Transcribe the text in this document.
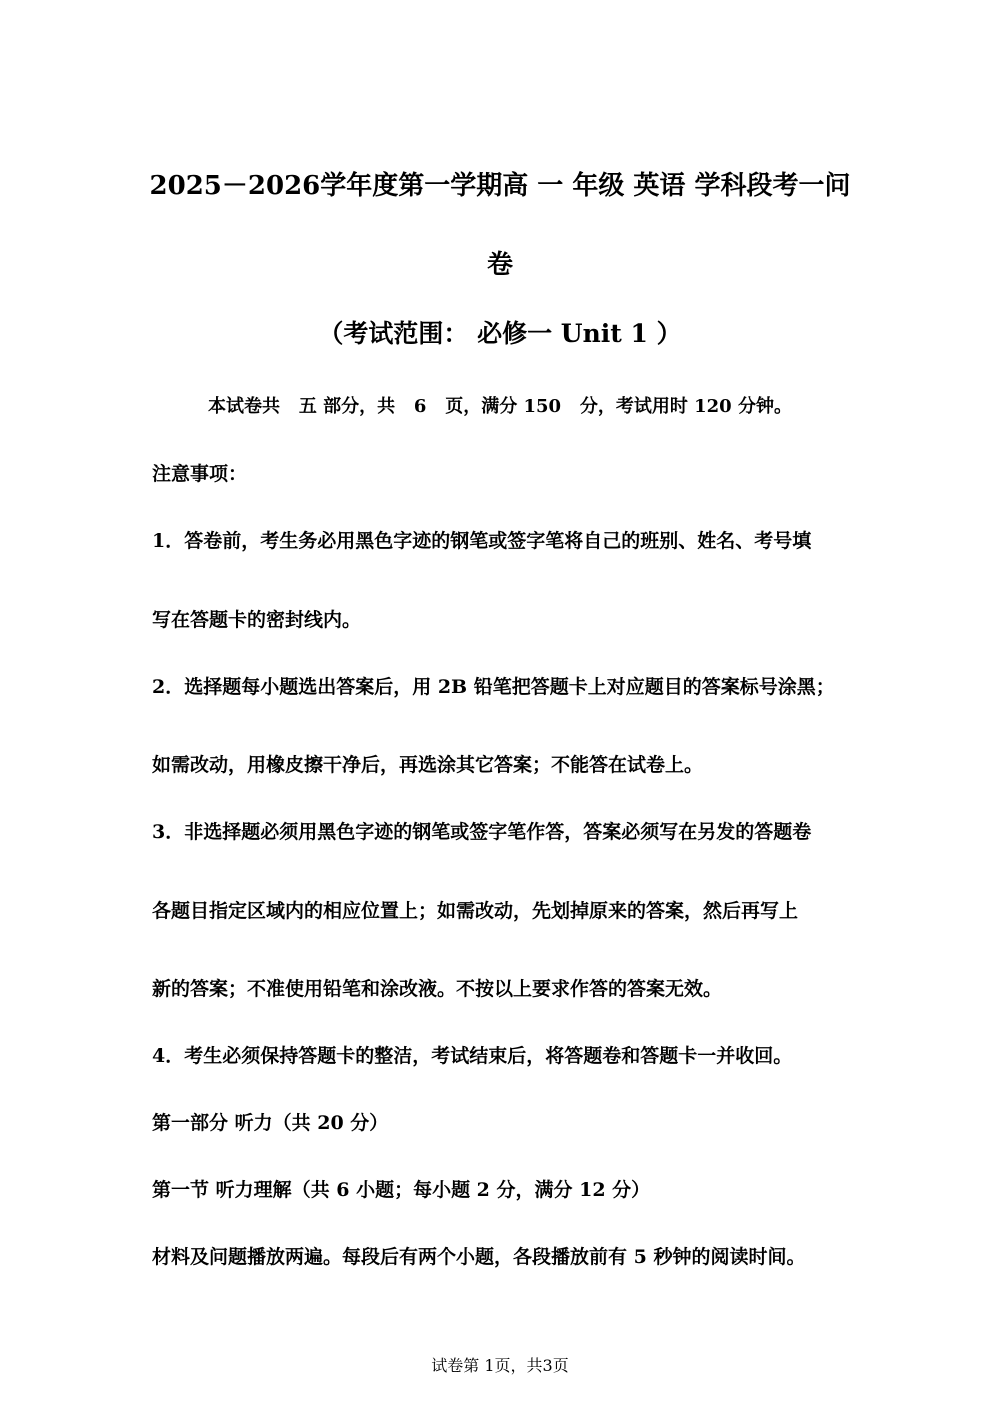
2025－2026学年度第一学期高 一 年级 英语 学科段考一问
卷
（考试范围： 必修一 Unit 1 ）
本试卷共   五 部分，共   6   页，满分 150   分，考试用时 120 分钟。
注意事项：
1．答卷前，考生务必用黑色字迹的钢笔或签字笔将自己的班别、姓名、考号填
写在答题卡的密封线内。
2．选择题每小题选出答案后，用 2B 铅笔把答题卡上对应题目的答案标号涂黑；
如需改动，用橡皮擦干净后，再选涂其它答案；不能答在试卷上。
3．非选择题必须用黑色字迹的钢笔或签字笔作答，答案必须写在另发的答题卷
各题目指定区域内的相应位置上；如需改动，先划掉原来的答案，然后再写上
新的答案；不准使用铅笔和涂改液。不按以上要求作答的答案无效。
4．考生必须保持答题卡的整洁，考试结束后，将答题卷和答题卡一并收回。
第一部分 听力（共 20 分）
第一节 听力理解（共 6 小题；每小题 2 分，满分 12 分）
材料及问题播放两遍。每段后有两个小题，各段播放前有 5 秒钟的阅读时间。
试卷第 1页，共3页
